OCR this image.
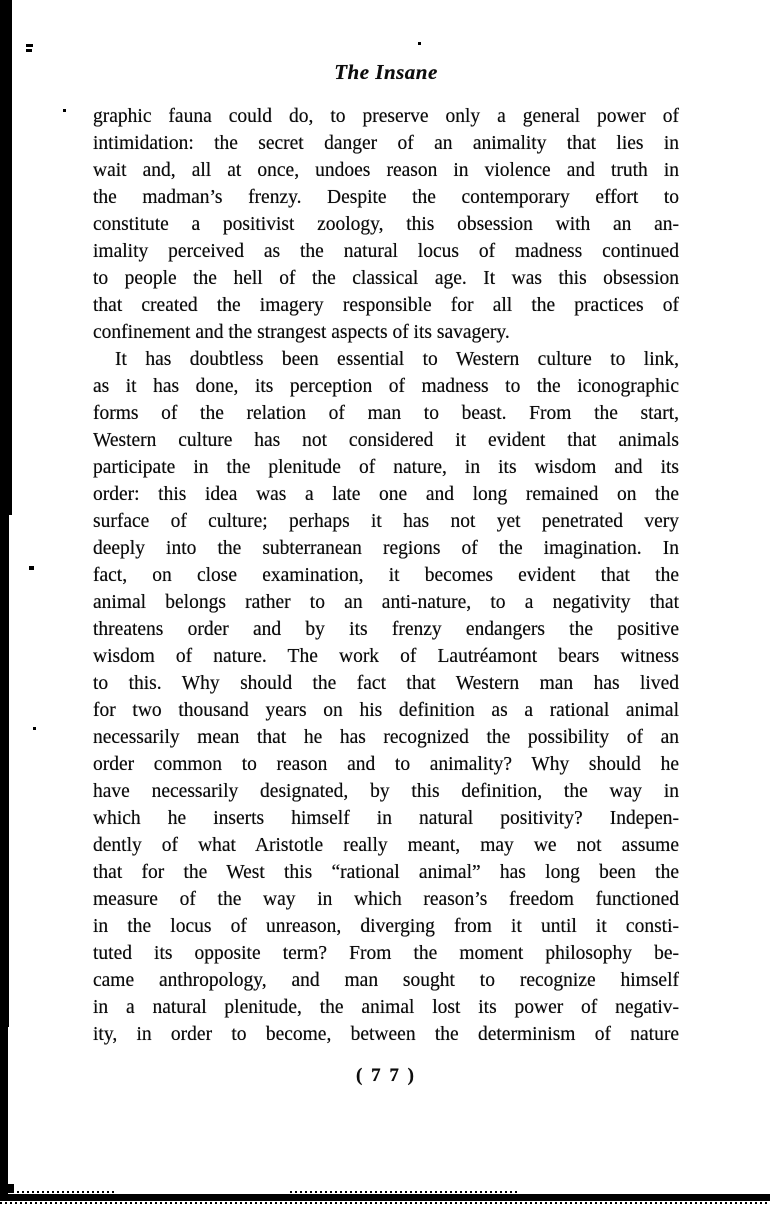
The Insane
graphic fauna could do, to preserve only a general power of
intimidation: the secret danger of an animality that lies in
wait and, all at once, undoes reason in violence and truth in
the madman’s frenzy. Despite the contemporary effort to
constitute a positivist zoology, this obsession with an an-
imality perceived as the natural locus of madness continued
to people the hell of the classical age. It was this obsession
that created the imagery responsible for all the practices of
confinement and the strangest aspects of its savagery.
It has doubtless been essential to Western culture to link,
as it has done, its perception of madness to the iconographic
forms of the relation of man to beast. From the start,
Western culture has not considered it evident that animals
participate in the plenitude of nature, in its wisdom and its
order: this idea was a late one and long remained on the
surface of culture; perhaps it has not yet penetrated very
deeply into the subterranean regions of the imagination. In
fact, on close examination, it becomes evident that the
animal belongs rather to an anti-nature, to a negativity that
threatens order and by its frenzy endangers the positive
wisdom of nature. The work of Lautréamont bears witness
to this. Why should the fact that Western man has lived
for two thousand years on his definition as a rational animal
necessarily mean that he has recognized the possibility of an
order common to reason and to animality? Why should he
have necessarily designated, by this definition, the way in
which he inserts himself in natural positivity? Indepen-
dently of what Aristotle really meant, may we not assume
that for the West this “rational animal” has long been the
measure of the way in which reason’s freedom functioned
in the locus of unreason, diverging from it until it consti-
tuted its opposite term? From the moment philosophy be-
came anthropology, and man sought to recognize himself
in a natural plenitude, the animal lost its power of negativ-
ity, in order to become, between the determinism of nature
( 7 7 )
